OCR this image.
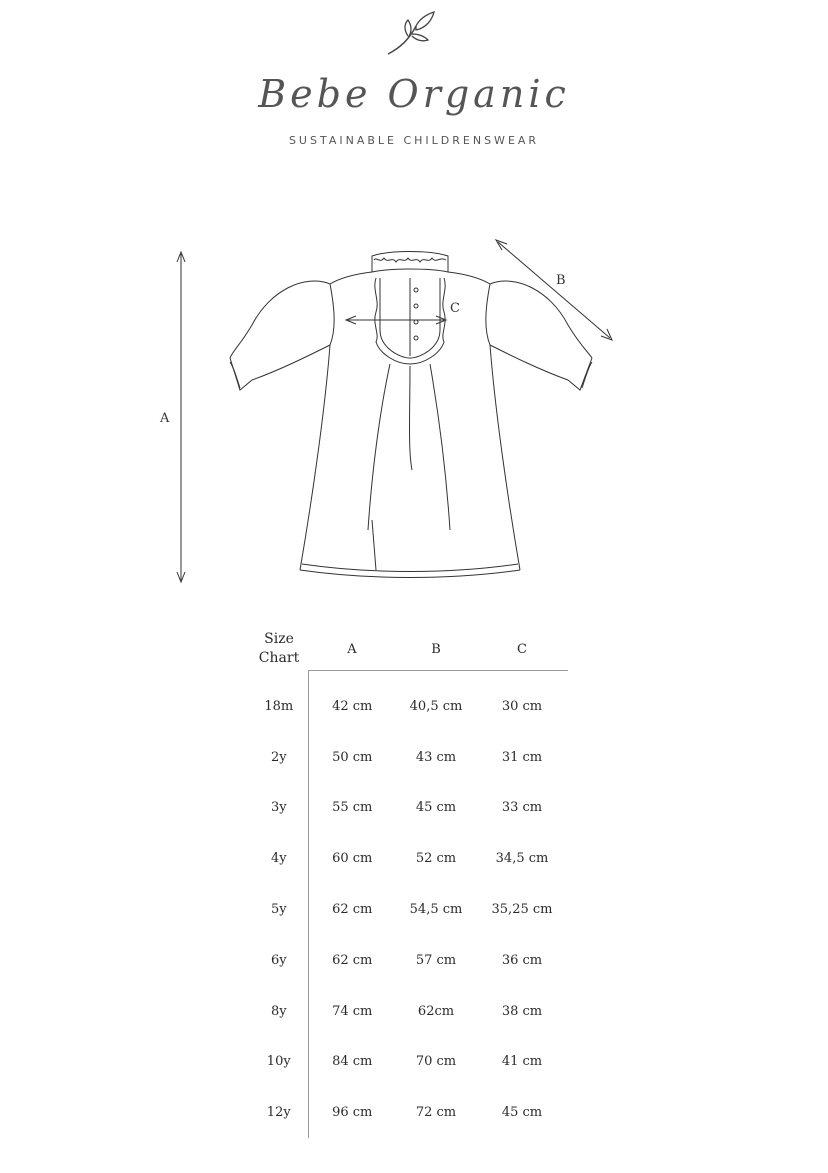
Bebe Organic
SUSTAINABLE CHILDRENSWEAR
A
B
C
Size
Chart	A	B	C

18m	42 cm	40,5 cm	30 cm
2y	50 cm	43 cm	31 cm
3y	55 cm	45 cm	33 cm
4y	60 cm	52 cm	34,5 cm
5y	62 cm	54,5 cm	35,25 cm
6y	62 cm	57 cm	36 cm
8y	74 cm	62cm	38 cm
10y	84 cm	70 cm	41 cm
12y	96 cm	72 cm	45 cm
